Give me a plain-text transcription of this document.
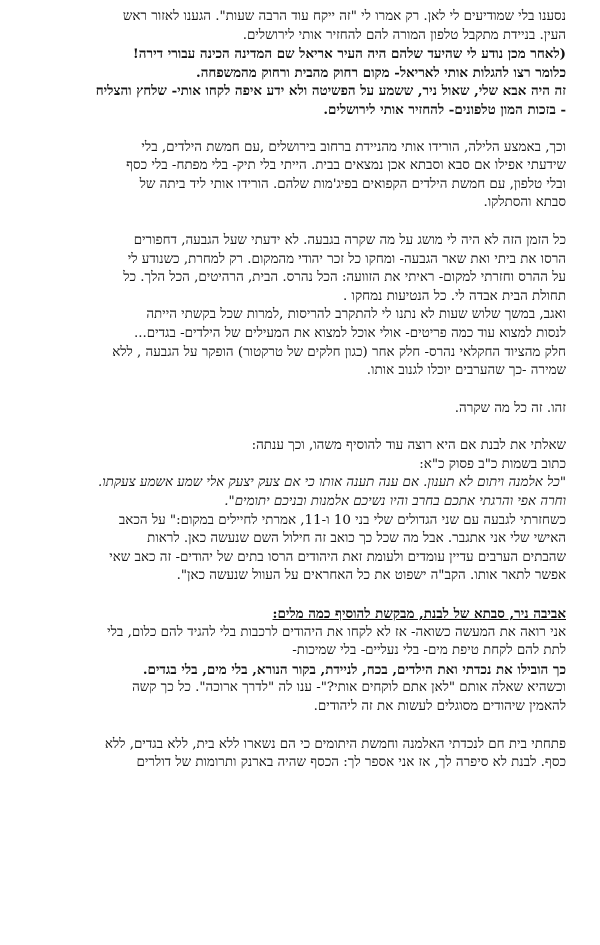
נסענו בלי שמודיעים לי לאן. רק אמרו לי "זה ייקח עוד הרבה שעות". הגענו לאזור ראש
העין. בניידת מתקבל טלפון המורה להם להחזיר אותי לירושלים.
(לאחר מכן נודע לי שהיעד שלהם היה העיר אריאל שם המדינה הכינה עבורי דירה!
כלומר רצו להגלות אותי לאריאל- מקום רחוק מהבית ורחוק מהמשפחה.
זה היה אבא שלי, שאול ניר, ששמע על הפשיטה ולא ידע איפה לקחו אותי- שלחץ והצליח
- בזכות המון טלפונים- להחזיר אותי לירושלים.
וכך, באמצע הלילה, הורידו אותי מהניידת ברחוב בירושלים ,עם חמשת הילדים, בלי
שידעתי אפילו אם סבא וסבתא אכן נמצאים בבית. הייתי בלי תיק- בלי מפתח- בלי כסף
ובלי טלפון, עם חמשת הילדים הקפואים בפיג'מות שלהם. הורידו אותי ליד ביתה של
סבתא והסתלקו.
כל הזמן הזה לא היה לי מושג על מה שקרה בגבעה. לא ידעתי שעל הגבעה, דחפורים
הרסו את ביתי ואת שאר הגבעה- ומחקו כל זכר יהודי מהמקום. רק למחרת, כשנודע לי
על ההרס וחזרתי למקום- ראיתי את הזוועה: הכל נהרס. הבית, הרהיטים, הכל הלך. כל
תחולת הבית אבדה לי. כל הנטיעות נמחקו .
ואגב, במשך שלוש שעות לא נתנו לי להתקרב להריסות ,למרות שכל בקשתי הייתה
לנסות למצוא עוד כמה פריטים- אולי אוכל למצוא את המעילים של הילדים- בגדים...
חלק מהציוד החקלאי נהרס- חלק אחר (כגון חלקים של טרקטור) הופקר על הגבעה , ללא
שמירה -כך שהערבים יוכלו לגנוב אותו.
זהו. זה כל מה שקרה.
שאלתי את לבנת אם היא רוצה עוד להוסיף משהו, וכך ענתה:
כתוב בשמות כ"ב פסוק כ"א:
"כל אלמנה ויתום לא תענון. אם ענה תענה אותו כי אם צעק יצעק אלי שמע אשמע צעקתו.
וחרה אפי והרגתי אתכם בחרב והיו נשיכם אלמנות ובניכם יתומים".
כשחזרתי לגבעה עם שני הגדולים שלי בני 10 ו-11, אמרתי לחיילים במקום:" על הכאב
האישי שלי אני אתגבר. אבל מה שכל כך כואב זה חילול השם שנעשה כאן. לראות
שהבתים הערבים עדיין עומדים ולעומת זאת היהודים הרסו בתים של יהודים- זה כאב שאי
אפשר לתאר אותו. הקב"ה ישפוט את כל האחראים על העוול שנעשה כאן".
אביבה ניר, סבתא של לבנת, מבקשת להוסיף כמה מלים:
אני רואה את המעשה כשואה- אז לא לקחו את היהודים לרכבות בלי להגיד להם כלום, בלי
לתת להם לקחת טיפת מים- בלי נעליים- בלי שמיכות-
כך הובילו את נכדתי ואת הילדים, בכח, לניידת, בקור הנורא, בלי מים, בלי בגדים.
וכשהיא שאלה אותם "לאן אתם לוקחים אותי?"- ענו לה "לדרך ארוכה". כל כך קשה
להאמין שיהודים מסוגלים לעשות את זה ליהודים.
פתחתי בית חם לנכדתי האלמנה וחמשת היתומים כי הם נשארו ללא בית, ללא בגדים, ללא
כסף. לבנת לא סיפרה לך, אז אני אספר לך: הכסף שהיה בארנק ותרומות של דולרים
